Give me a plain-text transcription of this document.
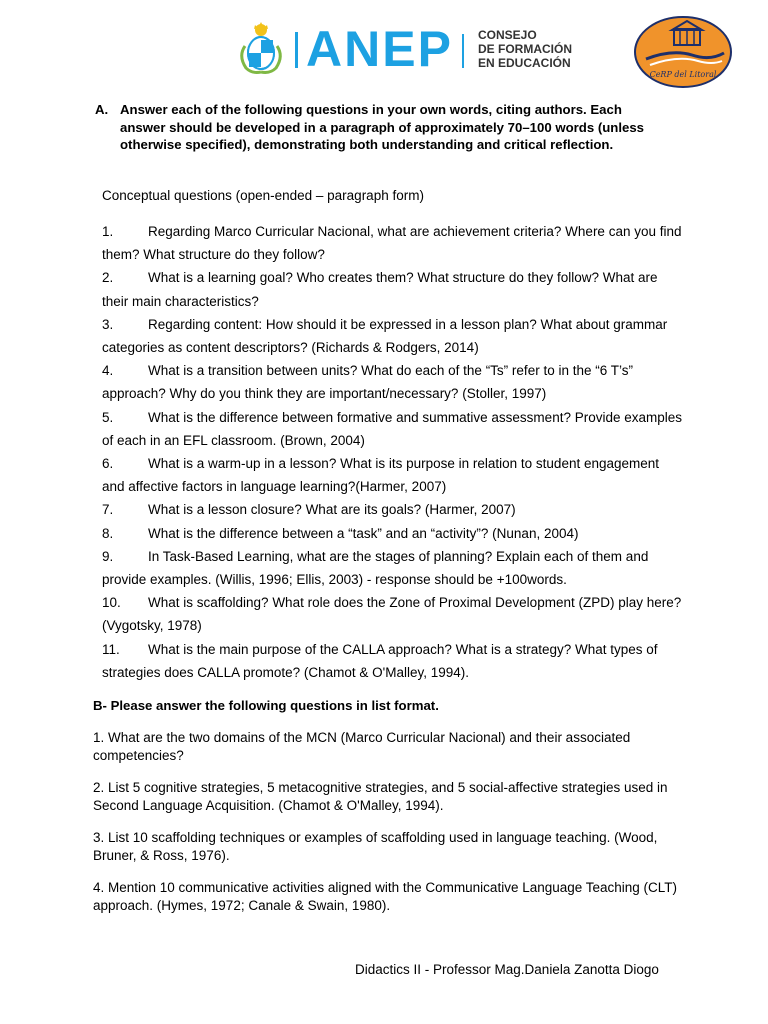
ANEP CONSEJO
DE FORMACIÓN
EN EDUCACIÓN
CeRP del Litoral
A. Answer each of the following questions in your own words, citing authors. Each answer should be developed in a paragraph of approximately 70–100 words (unless otherwise specified), demonstrating both understanding and critical reflection.
Conceptual questions (open-ended – paragraph form)

1.	Regarding Marco Curricular Nacional, what are achievement criteria? Where can you find them? What structure do they follow?

2.	What is a learning goal? Who creates them? What structure do they follow? What are their main characteristics?

3.	Regarding content: How should it be expressed in a lesson plan? What about grammar categories as content descriptors? (Richards & Rodgers, 2014)

4.	What is a transition between units? What do each of the “Ts” refer to in the “6 T’s” approach? Why do you think they are important/necessary? (Stoller, 1997)

5.	What is the difference between formative and summative assessment? Provide examples of each in an EFL classroom. (Brown, 2004)

6.	What is a warm-up in a lesson? What is its purpose in relation to student engagement and affective factors in language learning?(Harmer, 2007)

7.	What is a lesson closure? What are its goals? (Harmer, 2007)

8.	What is the difference between a “task” and an “activity”? (Nunan, 2004)

9.	In Task-Based Learning, what are the stages of planning? Explain each of them and provide examples. (Willis, 1996; Ellis, 2003) - response should be +100words.

10. What is scaffolding? What role does the Zone of Proximal Development (ZPD) play here? (Vygotsky, 1978)

11. What is the main purpose of the CALLA approach? What is a strategy? What types of strategies does CALLA promote? (Chamot & O'Malley, 1994).

B- Please answer the following questions in list format.

1. What are the two domains of the MCN (Marco Curricular Nacional) and their associated competencies?

2. List 5 cognitive strategies, 5 metacognitive strategies, and 5 social-affective strategies used in Second Language Acquisition. (Chamot & O'Malley, 1994).

3. List 10 scaffolding techniques or examples of scaffolding used in language teaching. (Wood, Bruner, & Ross, 1976).

4. Mention 10 communicative activities aligned with the Communicative Language Teaching (CLT) approach. (Hymes, 1972; Canale & Swain, 1980).

Didactics II - Professor Mag.Daniela Zanotta Diogo
